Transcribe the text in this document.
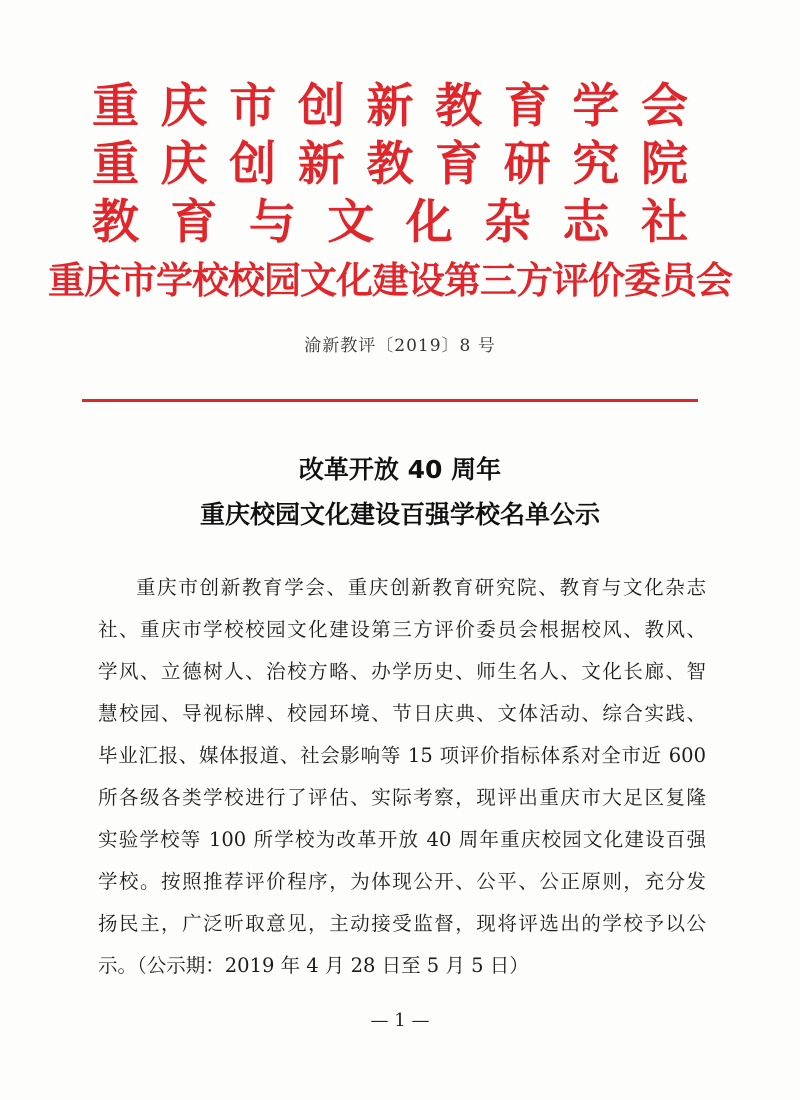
重 庆 市 创 新 教 育 学 会
重 庆 创 新 教 育 研 究 院
教 育 与 文 化 杂 志 社
重庆市学校校园文化建设第三方评价委员会
渝新教评〔2019〕8 号
改革开放 40 周年
重庆校园文化建设百强学校名单公示
重庆市创新教育学会、重庆创新教育研究院、教育与文化杂志
社、重庆市学校校园文化建设第三方评价委员会根据校风、教风、
学风、立德树人、治校方略、办学历史、师生名人、文化长廊、智
慧校园、导视标牌、校园环境、节日庆典、文体活动、综合实践、
毕业汇报、媒体报道、社会影响等 15 项评价指标体系对全市近 600
所各级各类学校进行了评估、实际考察，现评出重庆市大足区复隆
实验学校等 100 所学校为改革开放 40 周年重庆校园文化建设百强
学校。按照推荐评价程序，为体现公开、公平、公正原则，充分发
扬民主，广泛听取意见，主动接受监督，现将评选出的学校予以公
示。（公示期：2019 年 4 月 28 日至 5 月 5 日）
— 1 —
